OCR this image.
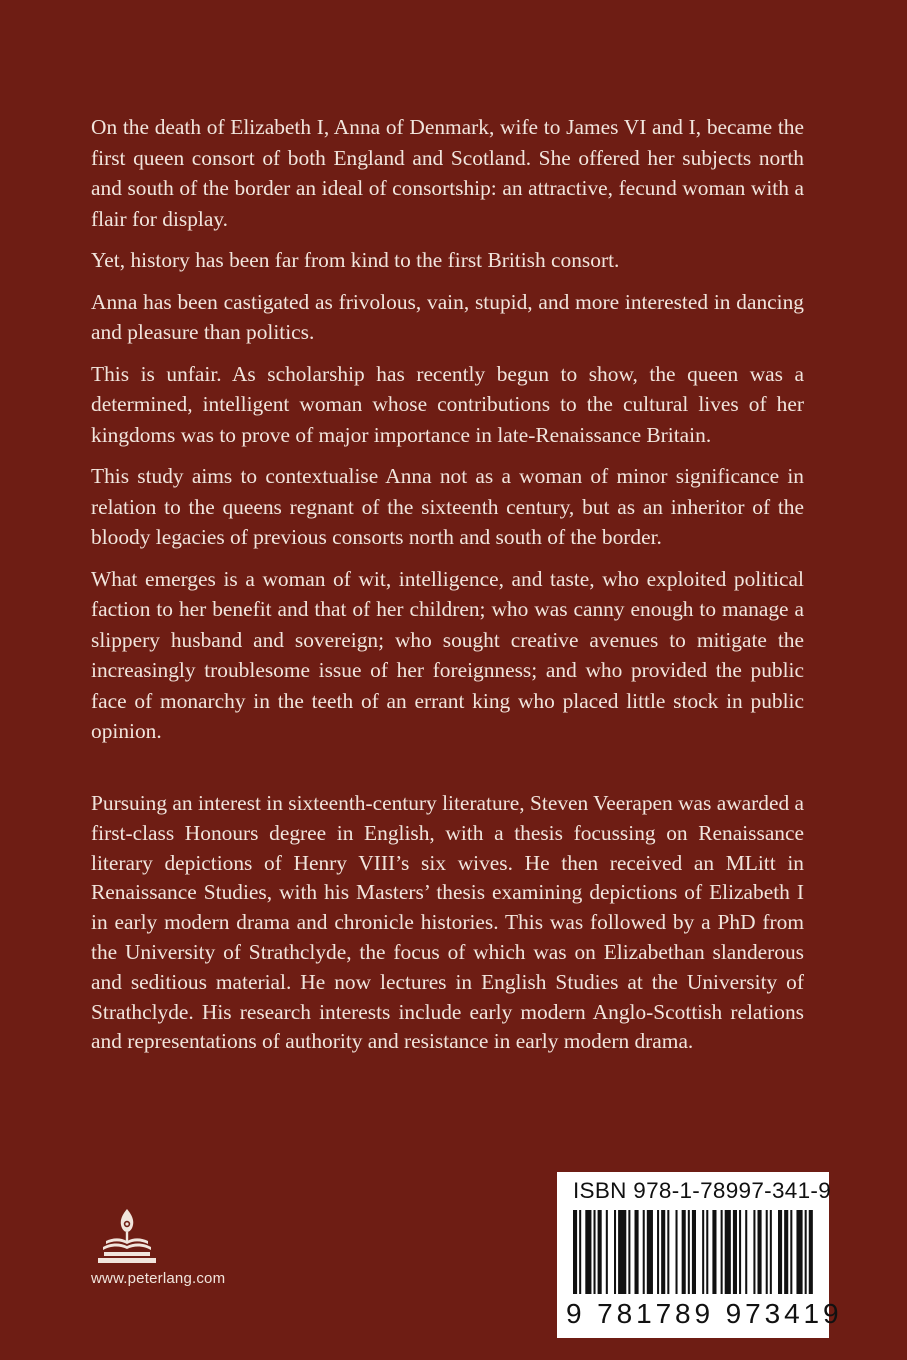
On the death of Elizabeth I, Anna of Denmark, wife to James VI and I, became the first queen consort of both England and Scotland. She offered her subjects north and south of the border an ideal of consortship: an attractive, fecund woman with a flair for display.

Yet, history has been far from kind to the first British consort.

Anna has been castigated as frivolous, vain, stupid, and more interested in dancing and pleasure than politics.

This is unfair. As scholarship has recently begun to show, the queen was a determined, intelligent woman whose contributions to the cultural lives of her kingdoms was to prove of major importance in late-Renaissance Britain.

This study aims to contextualise Anna not as a woman of minor significance in relation to the queens regnant of the sixteenth century, but as an inheritor of the bloody legacies of previous consorts north and south of the border.

What emerges is a woman of wit, intelligence, and taste, who exploited political faction to her benefit and that of her children; who was canny enough to manage a slippery husband and sovereign; who sought creative avenues to mitigate the increasingly troublesome issue of her foreignness; and who provided the public face of monarchy in the teeth of an errant king who placed little stock in public opinion.

Pursuing an interest in sixteenth-century literature, Steven Veerapen was awarded a first-class Honours degree in English, with a thesis focussing on Renaissance literary depictions of Henry VIII’s six wives. He then received an MLitt in Renaissance Studies, with his Masters’ thesis examining depictions of Elizabeth I in early modern drama and chronicle histories. This was followed by a PhD from the University of Strathclyde, the focus of which was on Elizabethan slanderous and seditious material. He now lectures in English Studies at the University of Strathclyde. His research interests include early modern Anglo-Scottish relations and representations of authority and resistance in early modern drama.

www.peterlang.com
ISBN 978-1-78997-341-9
9 781789 973419
